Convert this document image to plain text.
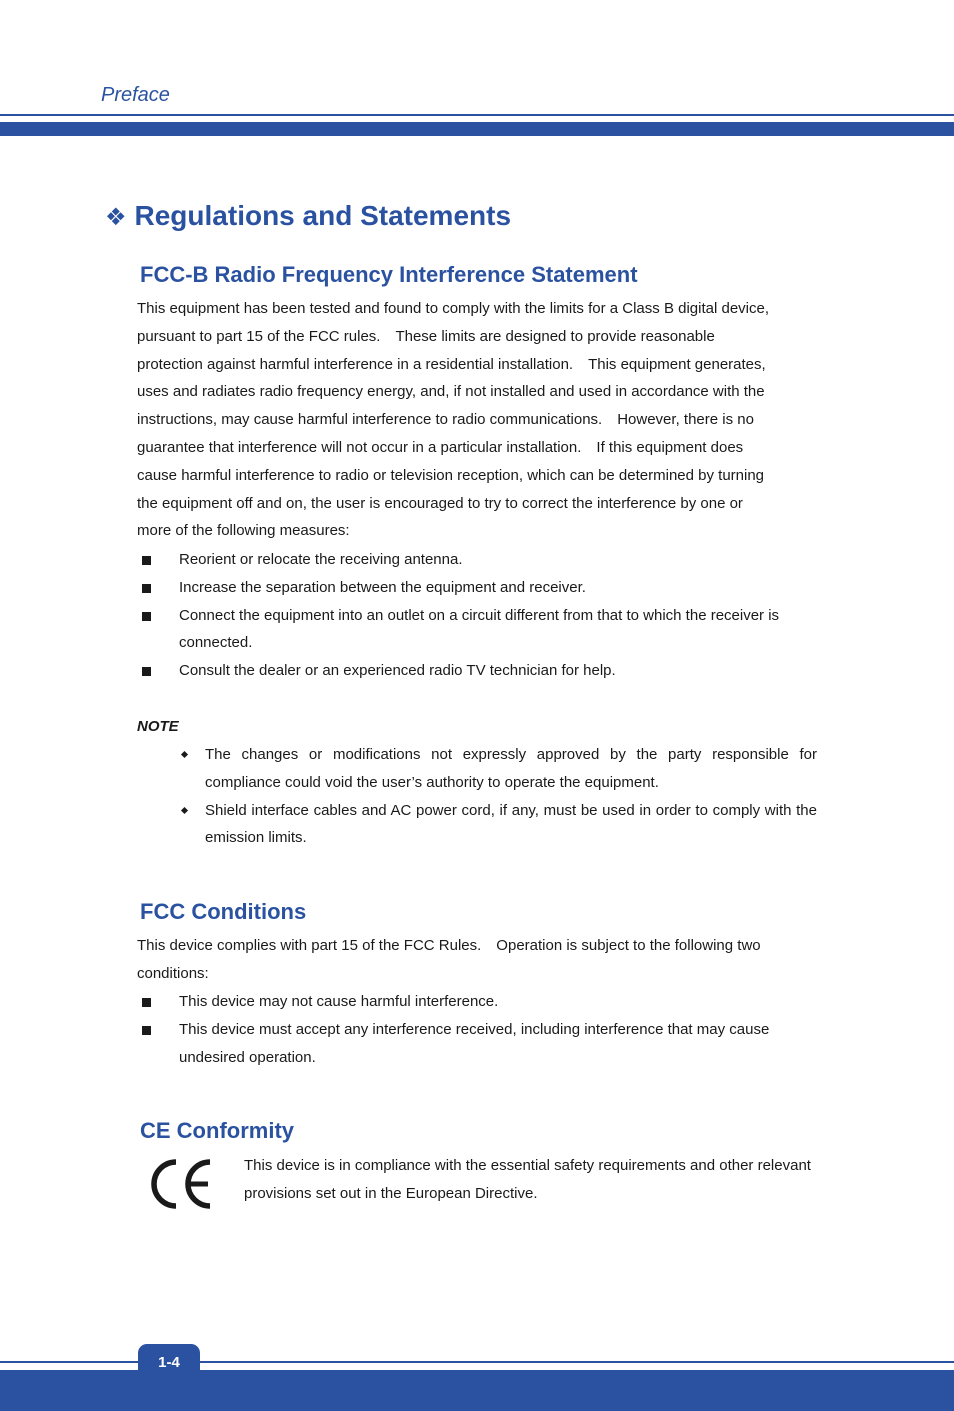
Preface
❖ Regulations and Statements
FCC-B Radio Frequency Interference Statement
This equipment has been tested and found to comply with the limits for a Class B digital device,
pursuant to part 15 of the FCC rules.　These limits are designed to provide reasonable
protection against harmful interference in a residential installation.　This equipment generates,
uses and radiates radio frequency energy, and, if not installed and used in accordance with the
instructions, may cause harmful interference to radio communications.　However, there is no
guarantee that interference will not occur in a particular installation.　If this equipment does
cause harmful interference to radio or television reception, which can be determined by turning
the equipment off and on, the user is encouraged to try to correct the interference by one or
more of the following measures:
Reorient or relocate the receiving antenna.
Increase the separation between the equipment and receiver.
Connect the equipment into an outlet on a circuit different from that to which the receiver is connected.
Consult the dealer or an experienced radio TV technician for help.
NOTE
The changes or modifications not expressly approved by the party responsible for compliance could void the user’s authority to operate the equipment.
Shield interface cables and AC power cord, if any, must be used in order to comply with the emission limits.
FCC Conditions
This device complies with part 15 of the FCC Rules.　Operation is subject to the following two
conditions:
This device may not cause harmful interference.
This device must accept any interference received, including interference that may cause undesired operation.
CE Conformity
This device is in compliance with the essential safety requirements and other relevant provisions set out in the European Directive.
1-4
